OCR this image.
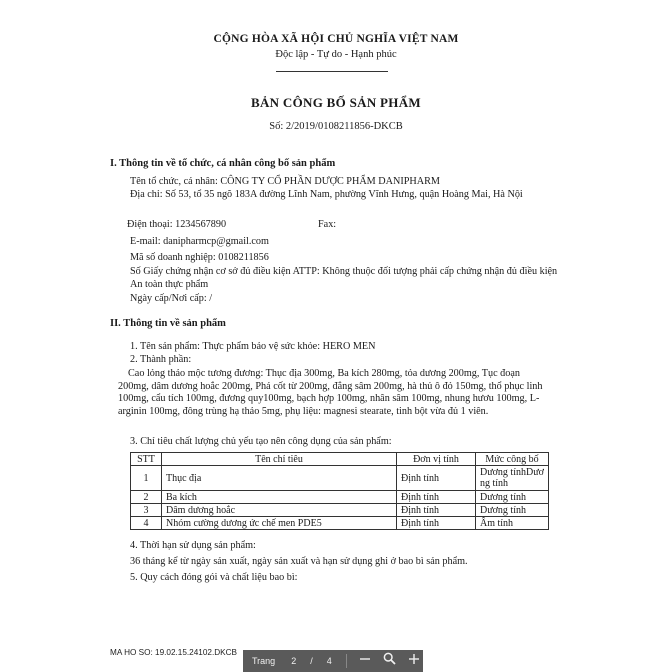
CỘNG HÒA XÃ HỘI CHỦ NGHĨA VIỆT NAM
Độc lập - Tự do - Hạnh phúc
BẢN CÔNG BỐ SẢN PHẨM
Số: 2/2019/0108211856-DKCB
I. Thông tin về tổ chức, cá nhân công bố sản phẩm
Tên tổ chức, cá nhân: CÔNG TY CỔ PHẦN DƯỢC PHẨM DANIPHARM
Địa chỉ: Số 53, tổ 35 ngõ 183A đường Lĩnh Nam, phường Vĩnh Hưng, quận Hoàng Mai, Hà Nội
Điện thoại: 1234567890	Fax:
E-mail: danipharmcp@gmail.com
Mã số doanh nghiệp: 0108211856
Số Giấy chứng nhận cơ sở đủ điều kiện ATTP: Không thuộc đối tượng phải cấp chứng nhận đủ điều kiện An toàn thực phẩm
Ngày cấp/Nơi cấp: /
II. Thông tin về sản phẩm
1. Tên sản phẩm: Thực phẩm bảo vệ sức khỏe: HERO MEN
2. Thành phần:
Cao lỏng thảo mộc tương đương: Thục địa 300mg, Ba kích 280mg, tỏa dương 200mg, Tục đoạn 200mg, dâm dương hoắc 200mg, Phá cốt từ 200mg, đẳng sâm 200mg, hà thủ ô đỏ 150mg, thổ phục linh 100mg, cẩu tích 100mg, đương quy100mg, bạch hợp 100mg, nhân sâm 100mg, nhung hươu 100mg, L- arginin 100mg, đông trùng hạ thảo 5mg, phụ liệu: magnesi stearate, tinh bột vừa đủ 1 viên.
3. Chỉ tiêu chất lượng chủ yếu tạo nên công dụng của sản phẩm:
STT	Tên chỉ tiêu	Đơn vị tính	Mức công bố
1	Thục địa	Định tính	Dương tínhDương tính
2	Ba kích	Định tính	Dương tính
3	Dâm dương hoắc	Định tính	Dương tính
4	Nhóm cường dương ức chế men PDE5	Định tính	Âm tính
4. Thời hạn sử dụng sản phẩm:
36 tháng kể từ ngày sản xuất, ngày sản xuất và hạn sử dụng ghi ở bao bì sản phẩm.
5. Quy cách đóng gói và chất liệu bao bì:
MA HO SO: 19.02.15.24102.DKCB
Trang 2 / 4
